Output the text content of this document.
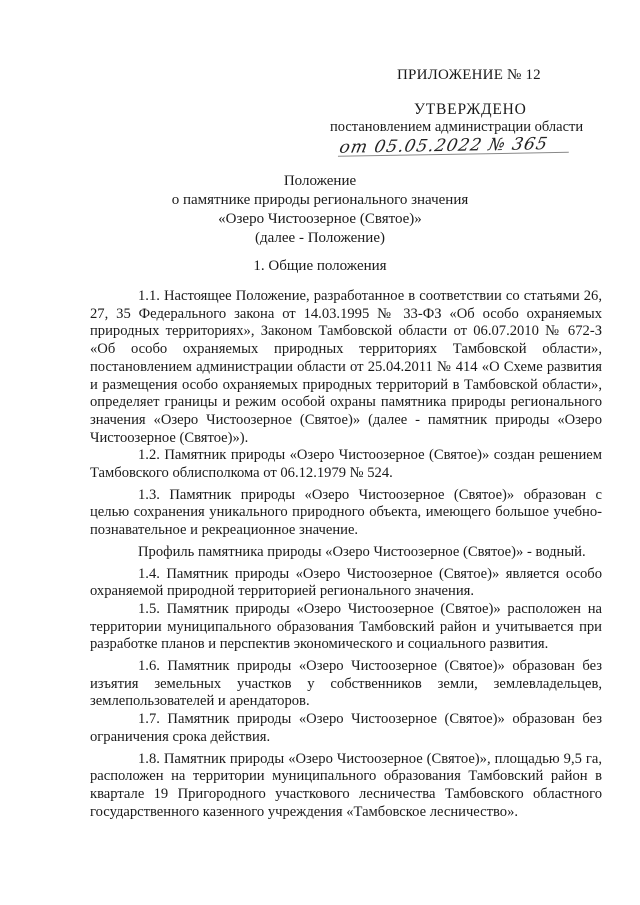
ПРИЛОЖЕНИЕ № 12
УТВЕРЖДЕНО
постановлением администрации области
от 05.05.2022 № 365
Положение
о памятнике природы регионального значения
«Озеро Чистоозерное (Святое)»
(далее - Положение)
1. Общие положения

1.1. Настоящее Положение, разработанное в соответствии со статьями 26, 27, 35 Федерального закона от 14.03.1995 № 33-ФЗ «Об особо охраняемых природных территориях», Законом Тамбовской области от 06.07.2010 № 672-З «Об особо охраняемых природных территориях Тамбовской области», постановлением администрации области от 25.04.2011 № 414 «О Схеме развития и размещения особо охраняемых природных территорий в Тамбовской области», определяет границы и режим особой охраны памятника природы регионального значения «Озеро Чистоозерное (Святое)» (далее - памятник природы «Озеро Чистоозерное (Святое)»).

1.2. Памятник природы «Озеро Чистоозерное (Святое)» создан решением Тамбовского облисполкома от 06.12.1979 № 524.

1.3. Памятник природы «Озеро Чистоозерное (Святое)» образован с целью сохранения уникального природного объекта, имеющего большое учебно-познавательное и рекреационное значение.

Профиль памятника природы «Озеро Чистоозерное (Святое)» - водный.

1.4. Памятник природы «Озеро Чистоозерное (Святое)» является особо охраняемой природной территорией регионального значения.

1.5. Памятник природы «Озеро Чистоозерное (Святое)» расположен на территории муниципального образования Тамбовский район и учитывается при разработке планов и перспектив экономического и социального развития.

1.6. Памятник природы «Озеро Чистоозерное (Святое)» образован без изъятия земельных участков у собственников земли, землевладельцев, землепользователей и арендаторов.

1.7. Памятник природы «Озеро Чистоозерное (Святое)» образован без ограничения срока действия.

1.8. Памятник природы «Озеро Чистоозерное (Святое)», площадью 9,5 га, расположен на территории муниципального образования Тамбовский район в квартале 19 Пригородного участкового лесничества Тамбовского областного государственного казенного учреждения «Тамбовское лесничество».
